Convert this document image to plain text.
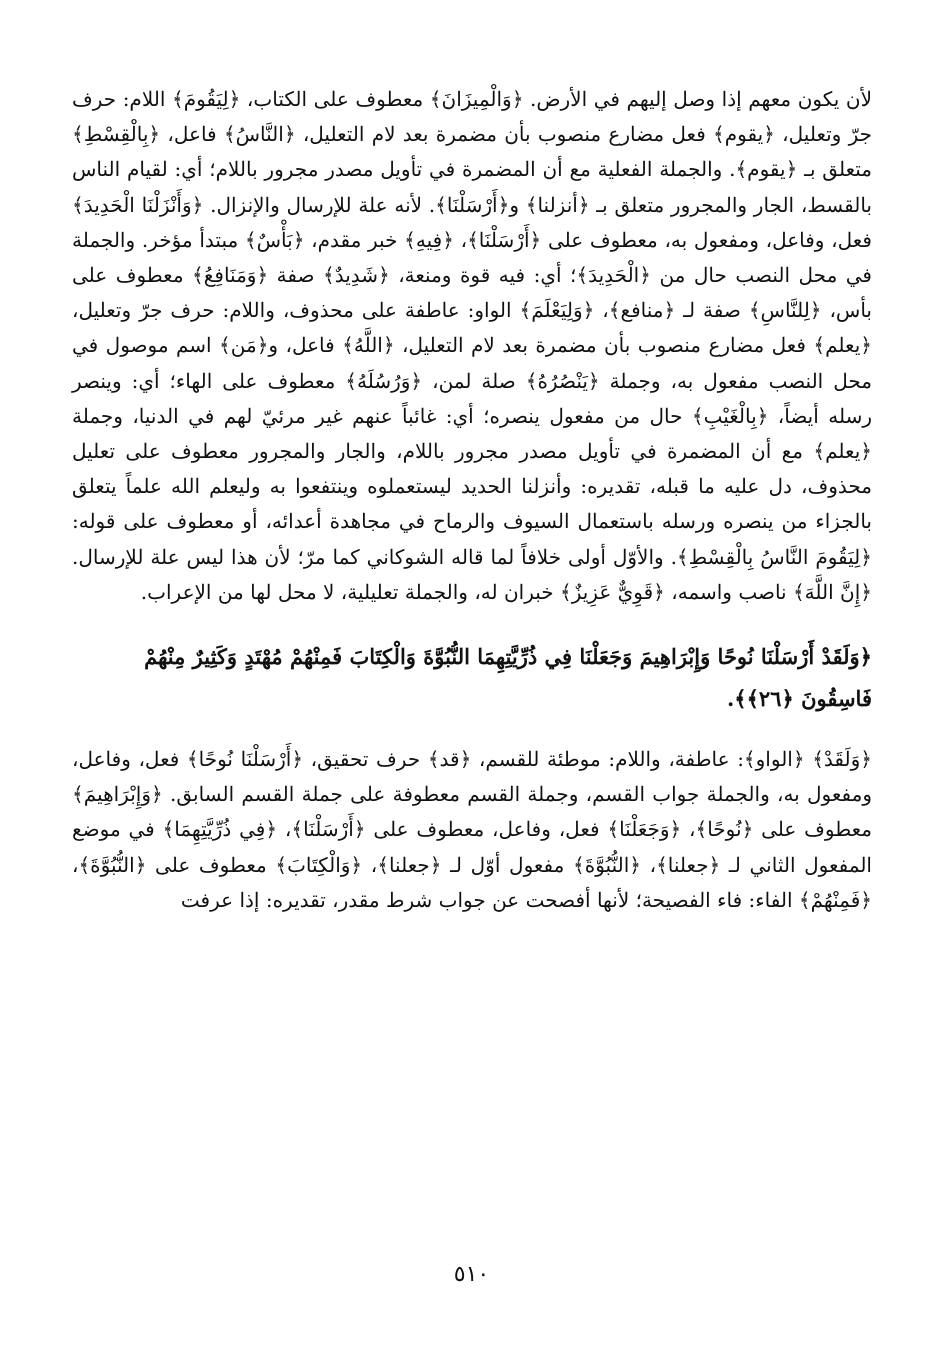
لأن يكون معهم إذا وصل إليهم في الأرض. ﴿وَالْمِيزَانَ﴾ معطوف على الكتاب، ﴿لِيَقُومَ﴾ اللام: حرف جرّ وتعليل، ﴿يقوم﴾ فعل مضارع منصوب بأن مضمرة بعد لام التعليل، ﴿النَّاسُ﴾ فاعل، ﴿بِالْقِسْطِ﴾ متعلق بـ ﴿يقوم﴾. والجملة الفعلية مع أن المضمرة في تأويل مصدر مجرور باللام؛ أي: لقيام الناس بالقسط، الجار والمجرور متعلق بـ ﴿أنزلنا﴾ و﴿أَرْسَلْنَا﴾. لأنه علة للإرسال والإنزال. ﴿وَأَنْزَلْنَا الْحَدِيدَ﴾ فعل، وفاعل، ومفعول به، معطوف على ﴿أَرْسَلْنَا﴾، ﴿فِيهِ﴾ خبر مقدم، ﴿بَأْسٌ﴾ مبتدأ مؤخر. والجملة في محل النصب حال من ﴿الْحَدِيدَ﴾؛ أي: فيه قوة ومنعة، ﴿شَدِيدٌ﴾ صفة ﴿وَمَنَافِعُ﴾ معطوف على بأس، ﴿لِلنَّاسِ﴾ صفة لـ ﴿منافع﴾، ﴿وَلِيَعْلَمَ﴾ الواو: عاطفة على محذوف، واللام: حرف جرّ وتعليل، ﴿يعلم﴾ فعل مضارع منصوب بأن مضمرة بعد لام التعليل، ﴿اللَّهُ﴾ فاعل، و﴿مَن﴾ اسم موصول في محل النصب مفعول به، وجملة ﴿يَنْصُرُهُ﴾ صلة لمن، ﴿وَرُسُلَهُ﴾ معطوف على الهاء؛ أي: وينصر رسله أيضاً، ﴿بِالْغَيْبِ﴾ حال من مفعول ينصره؛ أي: غائباً عنهم غير مرئيّ لهم في الدنيا، وجملة ﴿يعلم﴾ مع أن المضمرة في تأويل مصدر مجرور باللام، والجار والمجرور معطوف على تعليل محذوف، دل عليه ما قبله، تقديره: وأنزلنا الحديد ليستعملوه وينتفعوا به وليعلم الله علماً يتعلق بالجزاء من ينصره ورسله باستعمال السيوف والرماح في مجاهدة أعدائه، أو معطوف على قوله: ﴿لِيَقُومَ النَّاسُ بِالْقِسْطِ﴾. والأوّل أولى خلافاً لما قاله الشوكاني كما مرّ؛ لأن هذا ليس علة للإرسال. ﴿إِنَّ اللَّهَ﴾ ناصب واسمه، ﴿قَوِيٌّ عَزِيزٌ﴾ خبران له، والجملة تعليلية، لا محل لها من الإعراب.

﴿وَلَقَدْ أَرْسَلْنَا نُوحًا وَإِبْرَاهِيمَ وَجَعَلْنَا فِي ذُرِّيَّتِهِمَا النُّبُوَّةَ وَالْكِتَابَ فَمِنْهُمْ مُهْتَدٍ وَكَثِيرٌ مِنْهُمْ فَاسِقُونَ ﴿٢٦﴾﴾.

﴿وَلَقَدْ﴾ ﴿الواو﴾: عاطفة، واللام: موطئة للقسم، ﴿قد﴾ حرف تحقيق، ﴿أَرْسَلْنَا نُوحًا﴾ فعل، وفاعل، ومفعول به، والجملة جواب القسم، وجملة القسم معطوفة على جملة القسم السابق. ﴿وَإِبْرَاهِيمَ﴾ معطوف على ﴿نُوحًا﴾، ﴿وَجَعَلْنَا﴾ فعل، وفاعل، معطوف على ﴿أَرْسَلْنَا﴾، ﴿فِي ذُرِّيَّتِهِمَا﴾ في موضع المفعول الثاني لـ ﴿جعلنا﴾، ﴿النُّبُوَّةَ﴾ مفعول أوّل لـ ﴿جعلنا﴾، ﴿وَالْكِتَابَ﴾ معطوف على ﴿النُّبُوَّةَ﴾، ﴿فَمِنْهُمْ﴾ الفاء: فاء الفصيحة؛ لأنها أفصحت عن جواب شرط مقدر، تقديره: إذا عرفت

٥١٠
